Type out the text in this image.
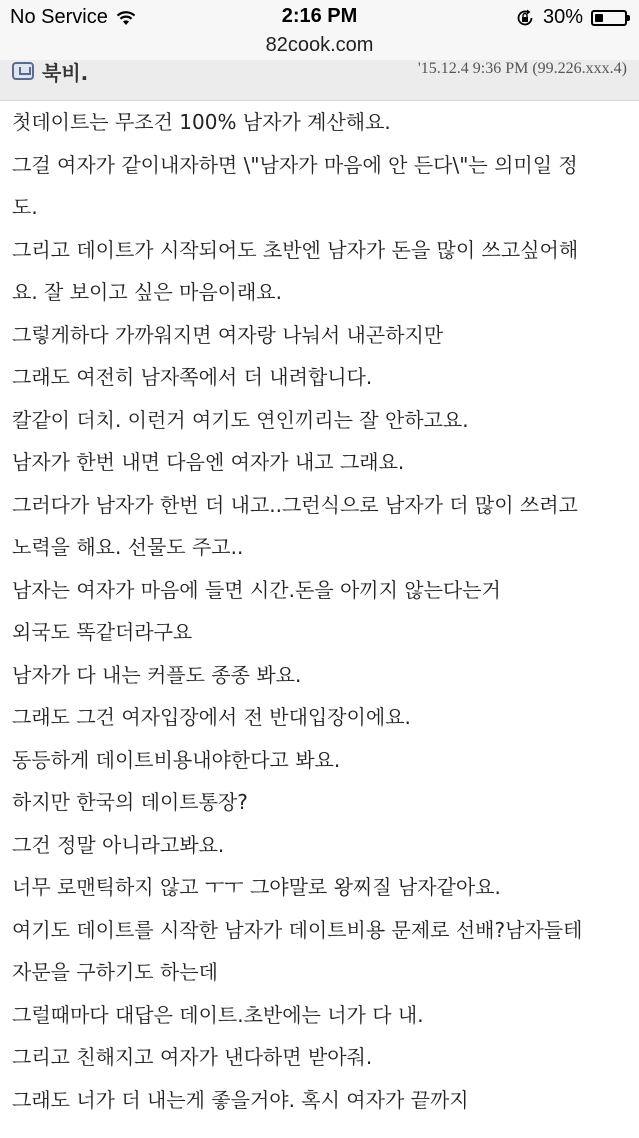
No Service	2:16 PM	30%
82cook.com
북비.	'15.12.4 9:36 PM (99.226.xxx.4)

첫데이트는 무조건 100% 남자가 계산해요.

그걸 여자가 같이내자하면 \"남자가 마음에 안 든다\"는 의미일 정

도.

그리고 데이트가 시작되어도 초반엔 남자가 돈을 많이 쓰고싶어해

요. 잘 보이고 싶은 마음이래요.

그렇게하다 가까워지면 여자랑 나눠서 내곤하지만

그래도 여전히 남자쪽에서 더 내려합니다.

칼같이 더치. 이런거 여기도 연인끼리는 잘 안하고요.

남자가 한번 내면 다음엔 여자가 내고 그래요.

그러다가 남자가 한번 더 내고..그런식으로 남자가 더 많이 쓰려고

노력을 해요. 선물도 주고..

남자는 여자가 마음에 들면 시간.돈을 아끼지 않는다는거

외국도 똑같더라구요

남자가 다 내는 커플도 종종 봐요.

그래도 그건 여자입장에서 전 반대입장이에요.

동등하게 데이트비용내야한다고 봐요.

하지만 한국의 데이트통장?

그건 정말 아니라고봐요.

너무 로맨틱하지 않고 ㅜㅜ 그야말로 왕찌질 남자같아요.

여기도 데이트를 시작한 남자가 데이트비용 문제로 선배?남자들테

자문을 구하기도 하는데

그럴때마다 대답은 데이트.초반에는 너가 다 내.

그리고 친해지고 여자가 낸다하면 받아줘.

그래도 너가 더 내는게 좋을거야. 혹시 여자가 끝까지
